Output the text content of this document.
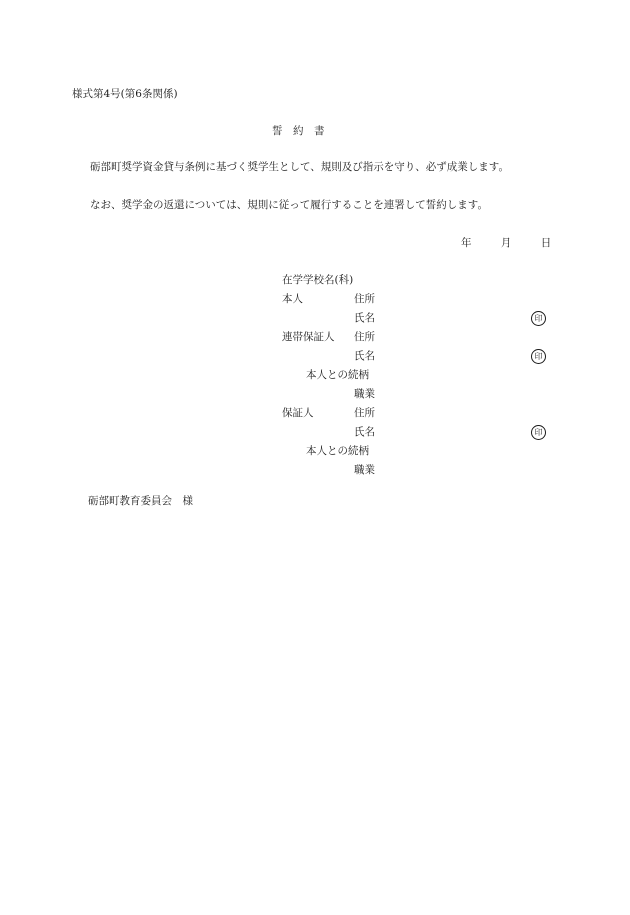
様式第4号(第6条関係)
誓　約　書
砺部町奨学資金貸与条例に基づく奨学生として、規則及び指示を守り、必ず成業します。
なお、奨学金の返還については、規則に従って履行することを連署して誓約します。
年	月	日
在学学校名(科)
本人	住所
氏名	印
連帯保証人 住所
氏名	印
本人との続柄
職業
保証人	住所
氏名	印
本人との続柄
職業
砺部町教育委員会　様
